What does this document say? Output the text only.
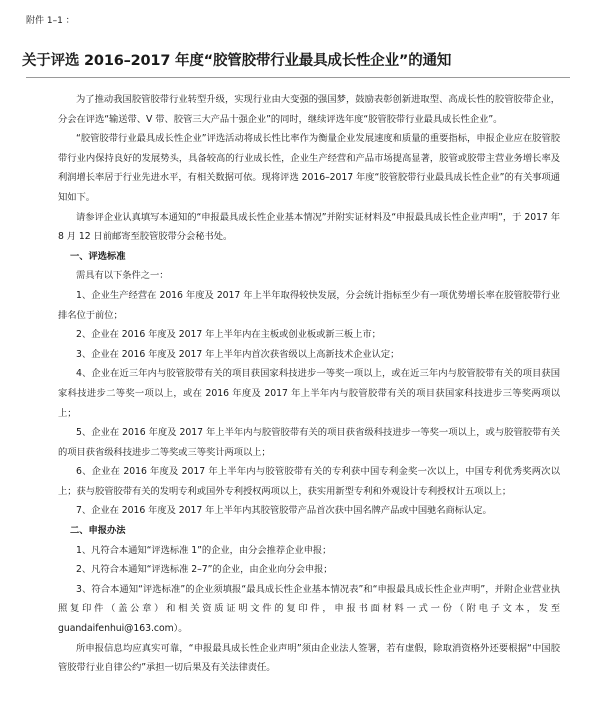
附件 1–1 ：
关于评选 2016–2017 年度“胶管胶带行业最具成长性企业”的通知

为了推动我国胶管胶带行业转型升级，实现行业由大变强的强国梦，鼓励表彰创新进取型、高成长性的胶管胶带企业，分会在评选“输送带、V 带、胶管三大产品十强企业”的同时，继续评选年度“胶管胶带行业最具成长性企业”。

“胶管胶带行业最具成长性企业”评选活动将成长性比率作为衡量企业发展速度和质量的重要指标，申报企业应在胶管胶带行业内保持良好的发展势头，具备较高的行业成长性，企业生产经营和产品市场提高显著，胶管或胶带主营业务增长率及利润增长率居于行业先进水平，有相关数据可依。现将评选 2016–2017 年度“胶管胶带行业最具成长性企业”的有关事项通知如下。

请参评企业认真填写本通知的“申报最具成长性企业基本情况”并附实证材料及“申报最具成长性企业声明”，于 2017 年 8 月 12 日前邮寄至胶管胶带分会秘书处。

一、评选标准

需具有以下条件之一：

1、企业生产经营在 2016 年度及 2017 年上半年取得较快发展，分会统计指标至少有一项优势增长率在胶管胶带行业排名位于前位；

2、企业在 2016 年度及 2017 年上半年内在主板或创业板或新三板上市；

3、企业在 2016 年度及 2017 年上半年内首次获省级以上高新技术企业认定；

4、企业在近三年内与胶管胶带有关的项目获国家科技进步一等奖一项以上，或在近三年内与胶管胶带有关的项目获国家科技进步二等奖一项以上，或在 2016 年度及 2017 年上半年内与胶管胶带有关的项目获国家科技进步三等奖两项以上；

5、企业在 2016 年度及 2017 年上半年内与胶管胶带有关的项目获省级科技进步一等奖一项以上，或与胶管胶带有关的项目获省级科技进步二等奖或三等奖计两项以上；

6、企业在 2016 年度及 2017 年上半年内与胶管胶带有关的专利获中国专利金奖一次以上，中国专利优秀奖两次以上；获与胶管胶带有关的发明专利或国外专利授权两项以上，获实用新型专利和外观设计专利授权计五项以上；

7、企业在 2016 年度及 2017 年上半年内其胶管胶带产品首次获中国名牌产品或中国驰名商标认定。

二、申报办法

1、凡符合本通知“评选标准 1”的企业，由分会推荐企业申报；

2、凡符合本通知“评选标准 2–7”的企业，由企业向分会申报；

3、符合本通知“评选标准”的企业须填报“最具成长性企业基本情况表”和“申报最具成长性企业声明”，并附企业营业执照复印件（盖公章）和相关资质证明文件的复印件，申报书面材料一式一份（附电子文本，发至 guandaifenhui@163.com）。

所申报信息均应真实可靠，“申报最具成长性企业声明”须由企业法人签署，若有虚假，除取消资格外还要根据“中国胶管胶带行业自律公约”承担一切后果及有关法律责任。
